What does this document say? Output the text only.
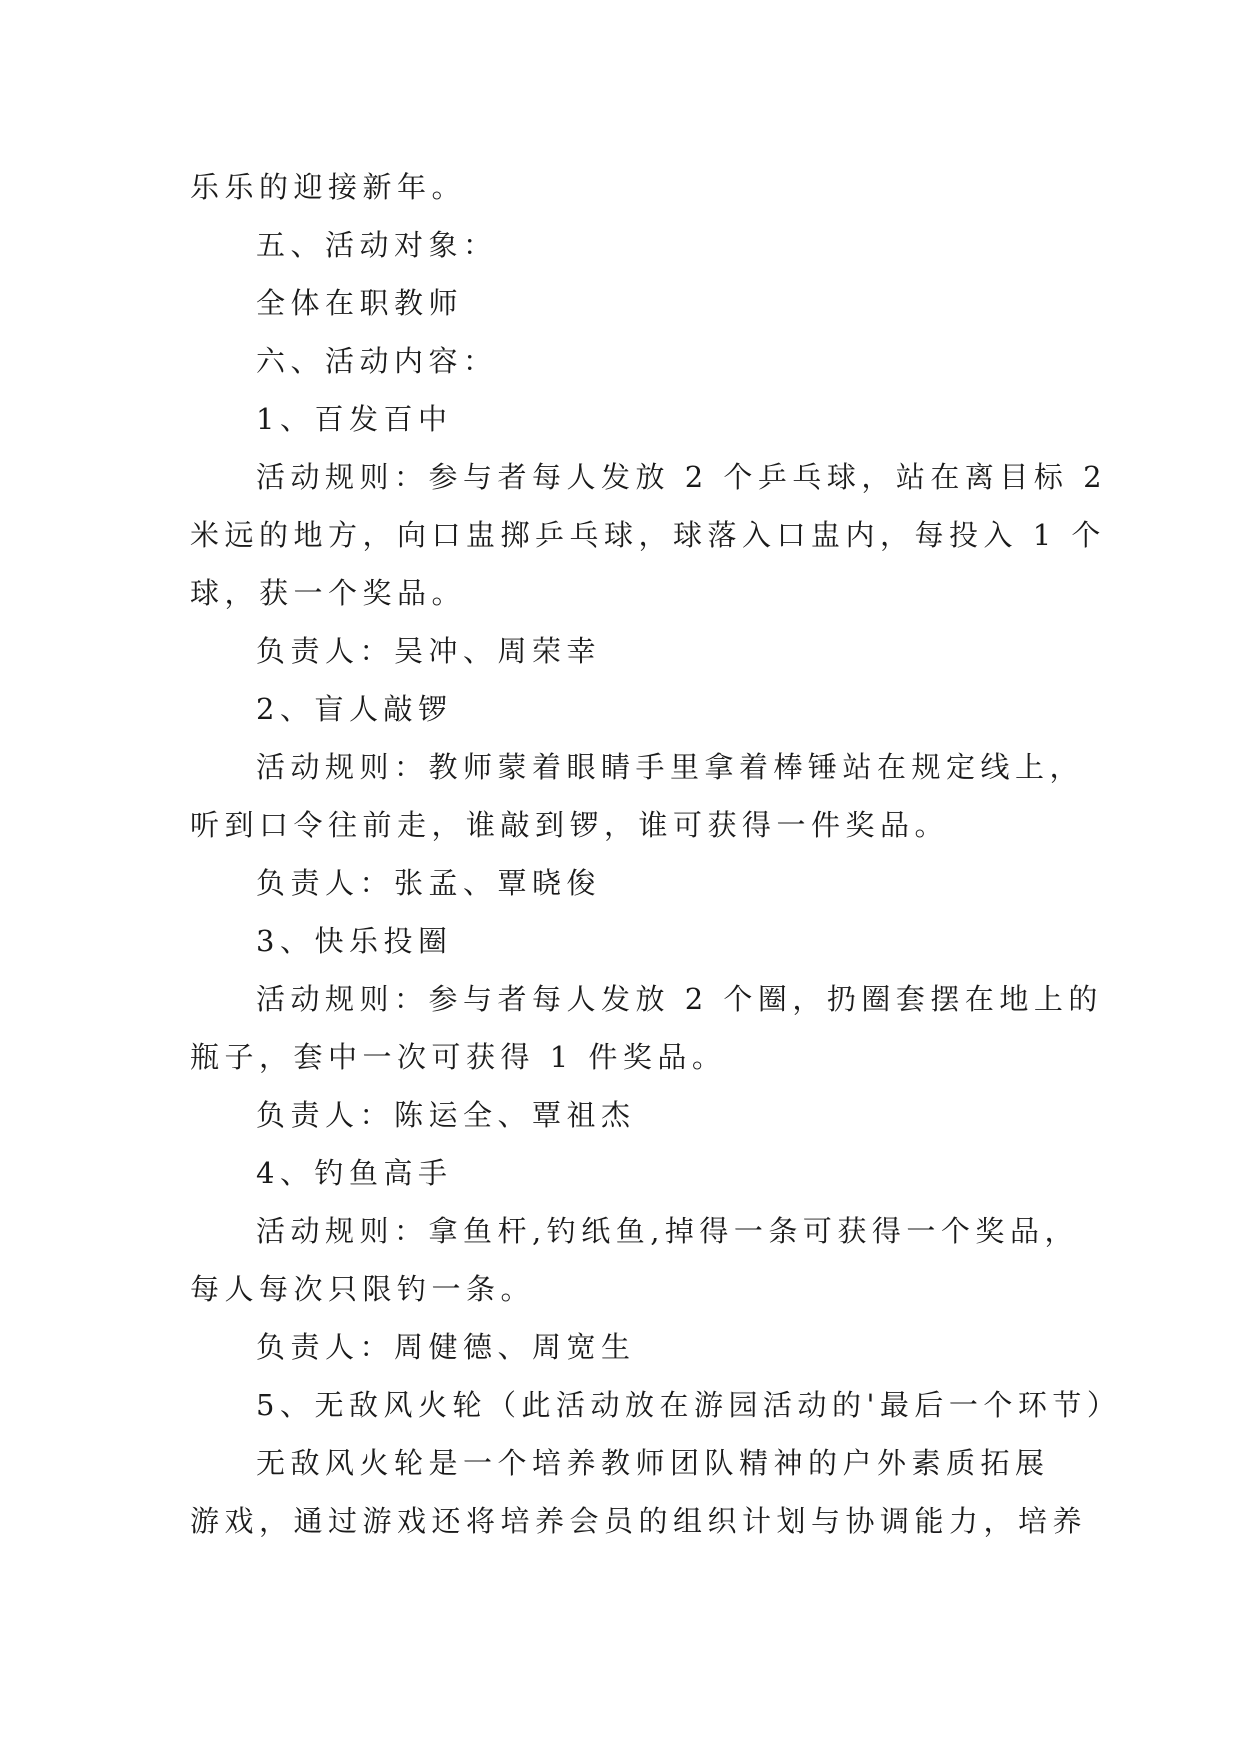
乐乐的迎接新年。
五、活动对象：
全体在职教师
六、活动内容：
1、百发百中
活动规则：参与者每人发放 2 个乒乓球，站在离目标 2
米远的地方，向口盅掷乒乓球，球落入口盅内，每投入 1 个
球，获一个奖品。
负责人：吴冲、周荣幸
2、盲人敲锣
活动规则：教师蒙着眼睛手里拿着棒锤站在规定线上，
听到口令往前走，谁敲到锣，谁可获得一件奖品。
负责人：张孟、覃晓俊
3、快乐投圈
活动规则：参与者每人发放 2 个圈，扔圈套摆在地上的
瓶子，套中一次可获得 1 件奖品。
负责人：陈运全、覃祖杰
4、钓鱼高手
活动规则：拿鱼杆,钓纸鱼,掉得一条可获得一个奖品，
每人每次只限钓一条。
负责人：周健德、周宽生
5、无敌风火轮（此活动放在游园活动的'最后一个环节）
无敌风火轮是一个培养教师团队精神的户外素质拓展
游戏，通过游戏还将培养会员的组织计划与协调能力，培养
